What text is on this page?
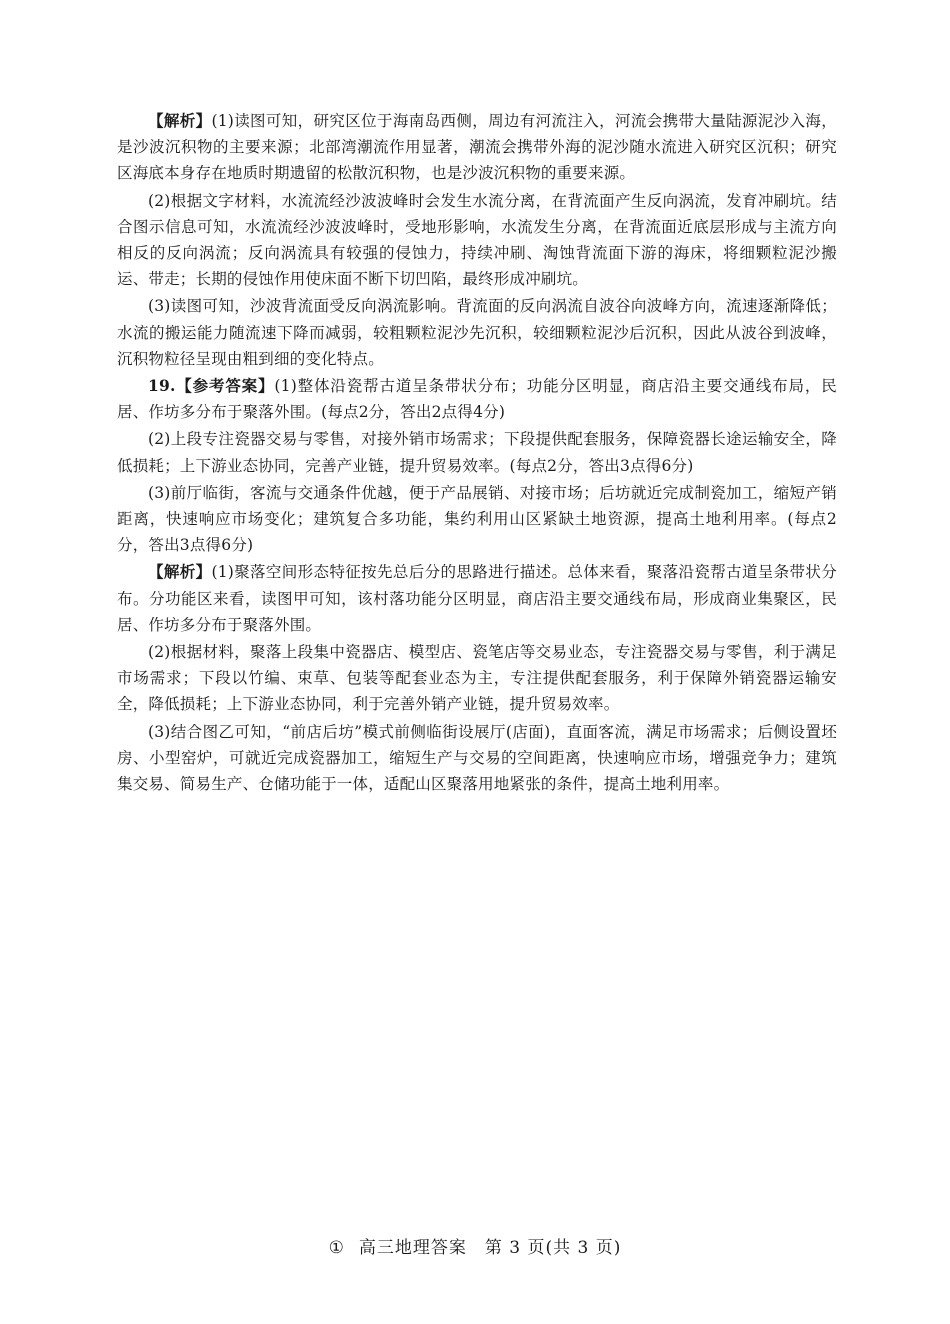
【解析】(1)读图可知，研究区位于海南岛西侧，周边有河流注入，河流会携带大量陆源泥沙入海，是沙波沉积物的主要来源；北部湾潮流作用显著，潮流会携带外海的泥沙随水流进入研究区沉积；研究区海底本身存在地质时期遗留的松散沉积物，也是沙波沉积物的重要来源。

(2)根据文字材料，水流流经沙波波峰时会发生水流分离，在背流面产生反向涡流，发育冲刷坑。结合图示信息可知，水流流经沙波波峰时，受地形影响，水流发生分离，在背流面近底层形成与主流方向相反的反向涡流；反向涡流具有较强的侵蚀力，持续冲刷、淘蚀背流面下游的海床，将细颗粒泥沙搬运、带走；长期的侵蚀作用使床面不断下切凹陷，最终形成冲刷坑。

(3)读图可知，沙波背流面受反向涡流影响。背流面的反向涡流自波谷向波峰方向，流速逐渐降低；水流的搬运能力随流速下降而减弱，较粗颗粒泥沙先沉积，较细颗粒泥沙后沉积，因此从波谷到波峰，沉积物粒径呈现由粗到细的变化特点。

19.【参考答案】(1)整体沿瓷帮古道呈条带状分布；功能分区明显，商店沿主要交通线布局，民居、作坊多分布于聚落外围。(每点2分，答出2点得4分)

(2)上段专注瓷器交易与零售，对接外销市场需求；下段提供配套服务，保障瓷器长途运输安全，降低损耗；上下游业态协同，完善产业链，提升贸易效率。(每点2分，答出3点得6分)

(3)前厅临街，客流与交通条件优越，便于产品展销、对接市场；后坊就近完成制瓷加工，缩短产销距离，快速响应市场变化；建筑复合多功能，集约利用山区紧缺土地资源，提高土地利用率。(每点2分，答出3点得6分)

【解析】(1)聚落空间形态特征按先总后分的思路进行描述。总体来看，聚落沿瓷帮古道呈条带状分布。分功能区来看，读图甲可知，该村落功能分区明显，商店沿主要交通线布局，形成商业集聚区，民居、作坊多分布于聚落外围。

(2)根据材料，聚落上段集中瓷器店、模型店、瓷笔店等交易业态，专注瓷器交易与零售，利于满足市场需求；下段以竹编、束草、包装等配套业态为主，专注提供配套服务，利于保障外销瓷器运输安全，降低损耗；上下游业态协同，利于完善外销产业链，提升贸易效率。

(3)结合图乙可知，“前店后坊”模式前侧临街设展厅(店面)，直面客流，满足市场需求；后侧设置坯房、小型窑炉，可就近完成瓷器加工，缩短生产与交易的空间距离，快速响应市场，增强竞争力；建筑集交易、简易生产、仓储功能于一体，适配山区聚落用地紧张的条件，提高土地利用率。

① 高三地理答案　第 3 页(共 3 页)
